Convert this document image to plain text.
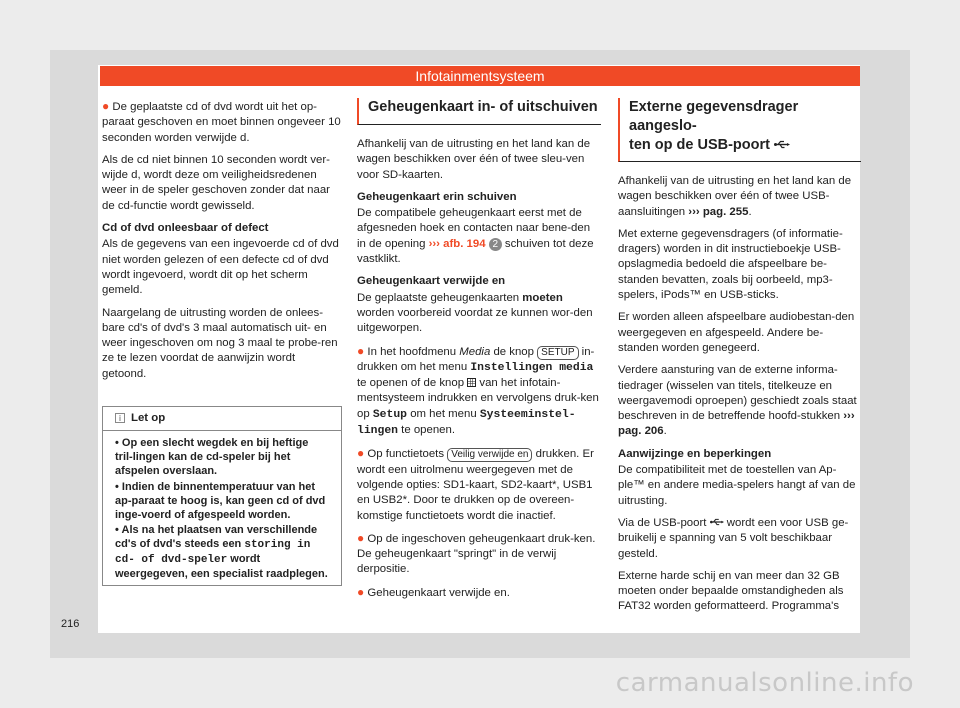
Infotainmentsysteem

● De geplaatste cd of dvd wordt uit het op-paraat geschoven en moet binnen ongeveer 10 seconden worden verwijde d.

Als de cd niet binnen 10 seconden wordt ver-wijde d, wordt deze om veiligheidsredenen weer in de speler geschoven zonder dat naar de cd-functie wordt gewisseld.

Cd of dvd onleesbaar of defect

Als de gegevens van een ingevoerde cd of dvd niet worden gelezen of een defecte cd of dvd wordt ingevoerd, wordt dit op het scherm gemeld.

Naargelang de uitrusting worden de onlees-bare cd's of dvd's 3 maal automatisch uit- en weer ingeschoven om nog 3 maal te probe-ren ze te lezen voordat de aanwijzin wordt getoond.

i Let op

• Op een slecht wegdek en bij heftige tril-lingen kan de cd-speler bij het afspelen overslaan.

• Indien de binnentemperatuur van het ap-paraat te hoog is, kan geen cd of dvd inge-voerd of afgespeeld worden.

• Als na het plaatsen van verschillende cd's of dvd's steeds een storing in cd- of dvd-speler wordt weergegeven, een specialist raadplegen.

Geheugenkaart in- of uitschuiven

Afhankelij van de uitrusting en het land kan de wagen beschikken over één of twee sleu-ven voor SD-kaarten.

Geheugenkaart erin schuiven

De compatibele geheugenkaart eerst met de afgesneden hoek en contacten naar bene-den in de opening ››› afb. 194 2 schuiven tot deze vastklikt.

Geheugenkaart verwijde en

De geplaatste geheugenkaarten moeten worden voorbereid voordat ze kunnen wor-den uitgeworpen.

● In het hoofdmenu Media de knop SETUP in-drukken om het menu Instellingen media te openen of de knop  van het infotain-mentsysteem indrukken en vervolgens druk-ken op Setup om het menu Systeeminstel-lingen te openen.

● Op functietoets Veilig verwijde en drukken. Er wordt een uitrolmenu weergegeven met de volgende opties: SD1-kaart, SD2-kaart*, USB1 en USB2*. Door te drukken op de overeen-komstige functietoets wordt die inactief.

● Op de ingeschoven geheugenkaart druk-ken. De geheugenkaart "springt" in de verwij derpositie.

● Geheugenkaart verwijde en.

Externe gegevensdrager aangeslo-
ten op de USB-poort

Afhankelij van de uitrusting en het land kan de wagen beschikken over één of twee USB-aansluitingen ››› pag. 255.

Met externe gegevensdragers (of informatie-dragers) worden in dit instructieboekje USB-opslagmedia bedoeld die afspeelbare be-standen bevatten, zoals bij oorbeeld, mp3-spelers, iPods™ en USB-sticks.

Er worden alleen afspeelbare audiobestan-den weergegeven en afgespeeld. Andere be-standen worden genegeerd.

Verdere aansturing van de externe informa-tiedrager (wisselen van titels, titelkeuze en weergavemodi oproepen) geschiedt zoals staat beschreven in de betreffende hoofd-stukken ››› pag. 206.

Aanwijzinge en beperkingen

De compatibiliteit met de toestellen van Ap-ple™ en andere media-spelers hangt af van de uitrusting.

Via de USB-poort  wordt een voor USB ge-bruikelij e spanning van 5 volt beschikbaar gesteld.

Externe harde schij en van meer dan 32 GB moeten onder bepaalde omstandigheden als FAT32 worden geformatteerd. Programma's

216
carmanualsonline.info
